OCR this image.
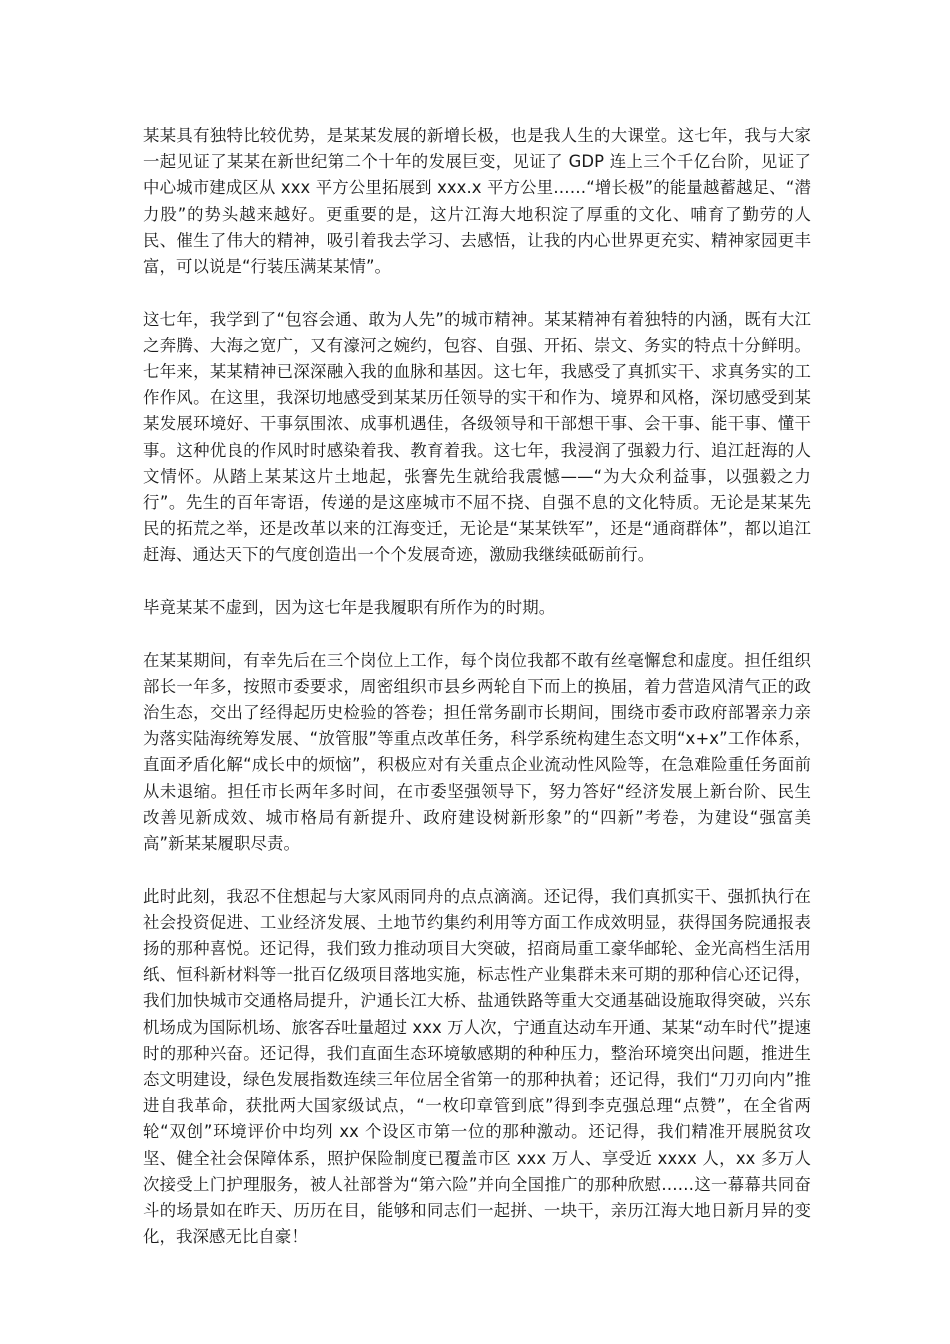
某某具有独特比较优势，是某某发展的新增长极，也是我人生的大课堂。这七年，我与大家一起见证了某某在新世纪第二个十年的发展巨变，见证了 GDP 连上三个千亿台阶，见证了中心城市建成区从 xxx 平方公里拓展到 xxx.x 平方公里……“增长极”的能量越蓄越足、“潜力股”的势头越来越好。更重要的是，这片江海大地积淀了厚重的文化、哺育了勤劳的人民、催生了伟大的精神，吸引着我去学习、去感悟，让我的内心世界更充实、精神家园更丰富，可以说是“行装压满某某情”。

这七年，我学到了“包容会通、敢为人先”的城市精神。某某精神有着独特的内涵，既有大江之奔腾、大海之宽广，又有濠河之婉约，包容、自强、开拓、崇文、务实的特点十分鲜明。七年来，某某精神已深深融入我的血脉和基因。这七年，我感受了真抓实干、求真务实的工作作风。在这里，我深切地感受到某某历任领导的实干和作为、境界和风格，深切感受到某某发展环境好、干事氛围浓、成事机遇佳，各级领导和干部想干事、会干事、能干事、懂干事。这种优良的作风时时感染着我、教育着我。这七年，我浸润了强毅力行、追江赶海的人文情怀。从踏上某某这片土地起，张謇先生就给我震憾——“为大众利益事，以强毅之力行”。先生的百年寄语，传递的是这座城市不屈不挠、自强不息的文化特质。无论是某某先民的拓荒之举，还是改革以来的江海变迁，无论是“某某铁军”，还是“通商群体”，都以追江赶海、通达天下的气度创造出一个个发展奇迹，激励我继续砥砺前行。

毕竟某某不虚到，因为这七年是我履职有所作为的时期。

在某某期间，有幸先后在三个岗位上工作，每个岗位我都不敢有丝毫懈怠和虚度。担任组织部长一年多，按照市委要求，周密组织市县乡两轮自下而上的换届，着力营造风清气正的政治生态，交出了经得起历史检验的答卷；担任常务副市长期间，围绕市委市政府部署亲力亲为落实陆海统筹发展、“放管服”等重点改革任务，科学系统构建生态文明“x+x”工作体系，直面矛盾化解“成长中的烦恼”，积极应对有关重点企业流动性风险等，在急难险重任务面前从未退缩。担任市长两年多时间，在市委坚强领导下，努力答好“经济发展上新台阶、民生改善见新成效、城市格局有新提升、政府建设树新形象”的“四新”考卷，为建设“强富美高”新某某履职尽责。

此时此刻，我忍不住想起与大家风雨同舟的点点滴滴。还记得，我们真抓实干、强抓执行在社会投资促进、工业经济发展、土地节约集约利用等方面工作成效明显，获得国务院通报表扬的那种喜悦。还记得，我们致力推动项目大突破，招商局重工豪华邮轮、金光高档生活用纸、恒科新材料等一批百亿级项目落地实施，标志性产业集群未来可期的那种信心还记得，我们加快城市交通格局提升，沪通长江大桥、盐通铁路等重大交通基础设施取得突破，兴东机场成为国际机场、旅客吞吐量超过 xxx 万人次，宁通直达动车开通、某某“动车时代”提速时的那种兴奋。还记得，我们直面生态环境敏感期的种种压力，整治环境突出问题，推进生态文明建设，绿色发展指数连续三年位居全省第一的那种执着；还记得，我们“刀刃向内”推进自我革命，获批两大国家级试点，“一枚印章管到底”得到李克强总理“点赞”，在全省两轮“双创”环境评价中均列 xx 个设区市第一位的那种激动。还记得，我们精准开展脱贫攻坚、健全社会保障体系，照护保险制度已覆盖市区 xxx 万人、享受近 xxxx 人，xx 多万人次接受上门护理服务，被人社部誉为“第六险”并向全国推广的那种欣慰……这一幕幕共同奋斗的场景如在昨天、历历在目，能够和同志们一起拼、一块干，亲历江海大地日新月异的变化，我深感无比自豪！
